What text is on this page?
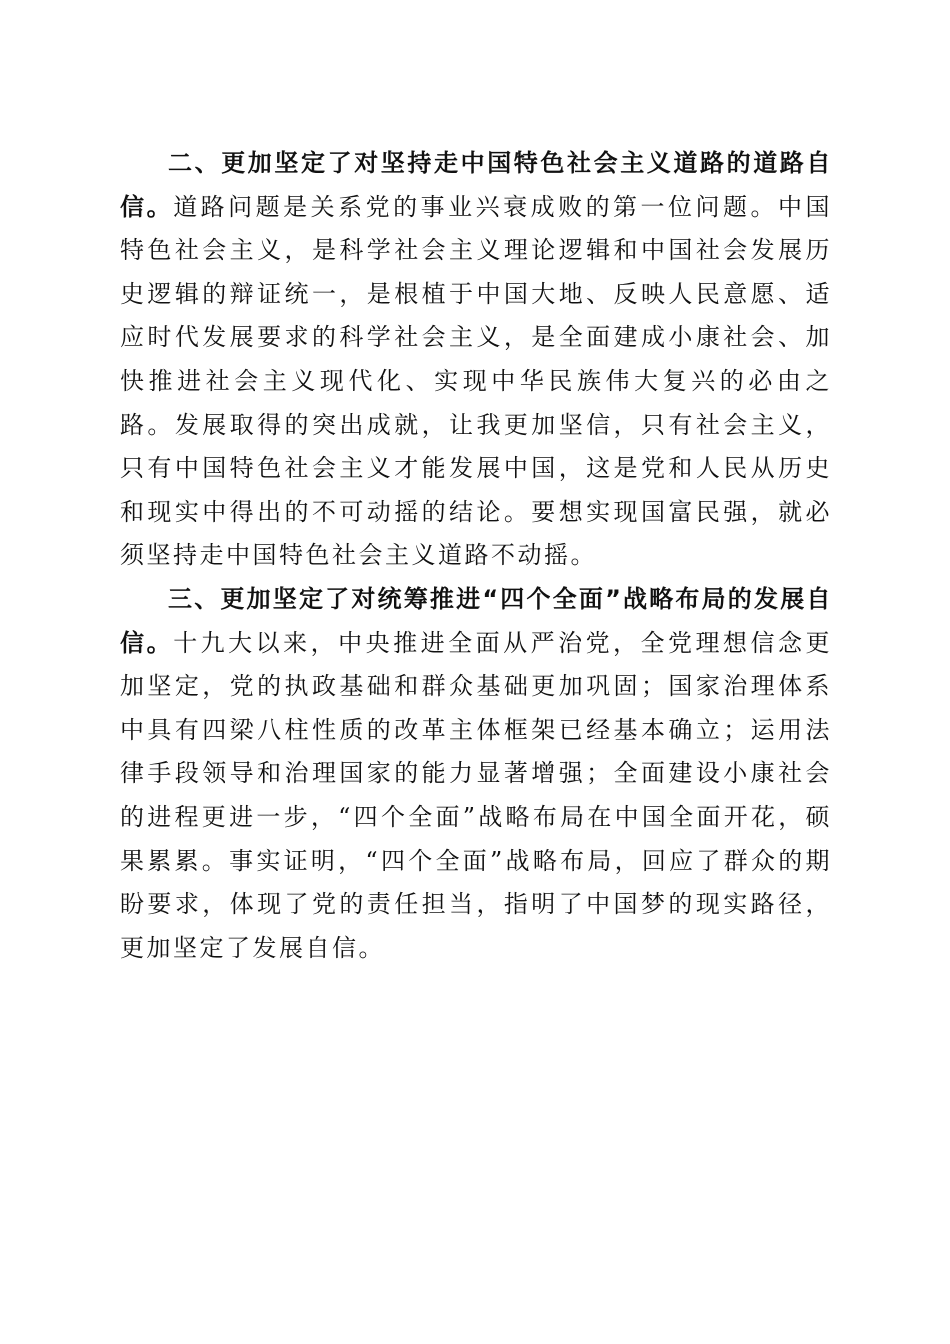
二、更加坚定了对坚持走中国特色社会主义道路的道路自信。道路问题是关系党的事业兴衰成败的第一位问题。中国特色社会主义，是科学社会主义理论逻辑和中国社会发展历史逻辑的辩证统一，是根植于中国大地、反映人民意愿、适应时代发展要求的科学社会主义，是全面建成小康社会、加快推进社会主义现代化、实现中华民族伟大复兴的必由之路。发展取得的突出成就，让我更加坚信，只有社会主义，只有中国特色社会主义才能发展中国，这是党和人民从历史和现实中得出的不可动摇的结论。要想实现国富民强，就必须坚持走中国特色社会主义道路不动摇。

三、更加坚定了对统筹推进“四个全面”战略布局的发展自信。十九大以来，中央推进全面从严治党，全党理想信念更加坚定，党的执政基础和群众基础更加巩固；国家治理体系中具有四梁八柱性质的改革主体框架已经基本确立；运用法律手段领导和治理国家的能力显著增强；全面建设小康社会的进程更进一步，“四个全面”战略布局在中国全面开花，硕果累累。事实证明，“四个全面”战略布局，回应了群众的期盼要求，体现了党的责任担当，指明了中国梦的现实路径，更加坚定了发展自信。
